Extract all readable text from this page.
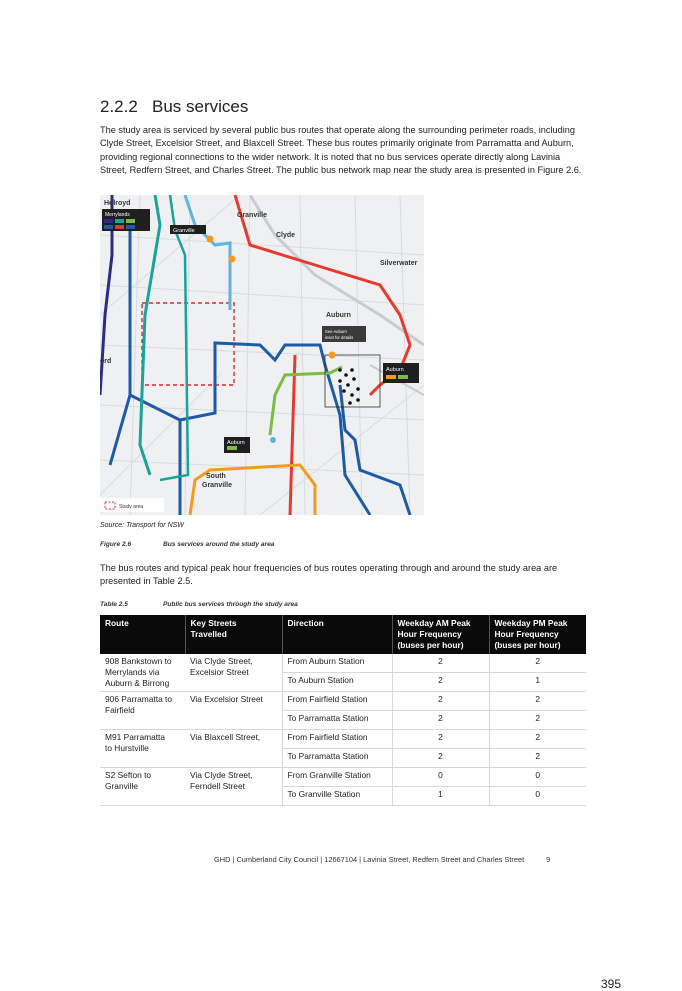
2.2.2 Bus services
The study area is serviced by several public bus routes that operate along the surrounding perimeter roads, including Clyde Street, Excelsior Street, and Blaxcell Street. These bus routes primarily originate from Parramatta and Auburn, providing regional connections to the wider network. It is noted that no bus services operate directly along Lavinia Street, Redfern Street, and Charles Street. The public bus network map near the study area is presented in Figure 2.6.
Merrylands
Granville
Auburn
Auburn
See Auburn
inset for details
Holroyd
Granville
Clyde
Silverwater
Auburn
ord
South
Granville
Study area
Source: Transport for NSW
Figure 2.6	Bus services around the study area
The bus routes and typical peak hour frequencies of bus routes operating through and around the study area are presented in Table 2.5.
Table 2.5	Public bus services through the study area
Route	Key Streets
Travelled	Direction	Weekday AM Peak
Hour Frequency
(buses per hour)	Weekday PM Peak
Hour Frequency
(buses per hour)
908 Bankstown to
Merrylands via
Auburn & Birrong	Via Clyde Street,
Excelsior Street	From Auburn Station	2	2
		To Auburn Station	2	1
906 Parramatta to
Fairfield	Via Excelsior Street	From Fairfield Station	2	2
		To Parramatta Station	2	2
M91 Parramatta
to Hurstville	Via Blaxcell Street,	From Fairfield Station	2	2
		To Parramatta Station	2	2
S2 Sefton to
Granville	Via Clyde Street,
Ferndell Street	From Granville Station	0	0
		To Granville Station	1	0
GHD | Cumberland City Council | 12667104 | Lavinia Street, Redfern Street and Charles Street	9
395
